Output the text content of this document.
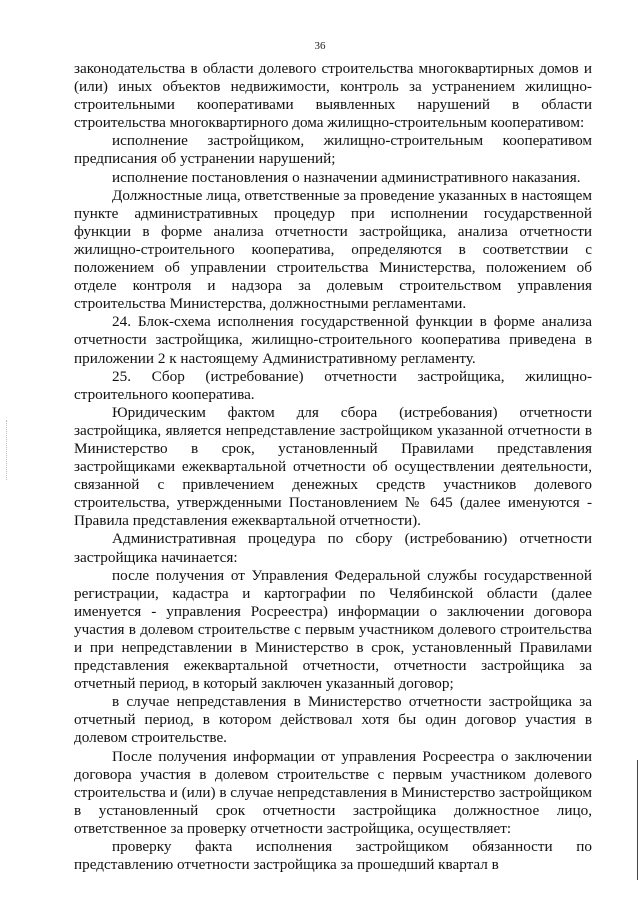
36

законодательства в области долевого строительства многоквартирных домов и (или) иных объектов недвижимости, контроль за устранением жилищно-строительными кооперативами выявленных нарушений в области строительства многоквартирного дома жилищно-строительным кооперативом:

исполнение застройщиком, жилищно-строительным кооперативом предписания об устранении нарушений;

исполнение постановления о назначении административного наказания.

Должностные лица, ответственные за проведение указанных в настоящем пункте административных процедур при исполнении государственной функции в форме анализа отчетности застройщика, анализа отчетности жилищно-строительного кооператива, определяются в соответствии с положением об управлении строительства Министерства, положением об отделе контроля и надзора за долевым строительством управления строительства Министерства, должностными регламентами.

24. Блок-схема исполнения государственной функции в форме анализа отчетности застройщика, жилищно-строительного кооператива приведена в приложении 2 к настоящему Административному регламенту.

25. Сбор (истребование) отчетности застройщика, жилищно-строительного кооператива.

Юридическим фактом для сбора (истребования) отчетности застройщика, является непредставление застройщиком указанной отчетности в Министерство в срок, установленный Правилами представления застройщиками ежеквартальной отчетности об осуществлении деятельности, связанной с привлечением денежных средств участников долевого строительства, утвержденными Постановлением № 645 (далее именуются - Правила представления ежеквартальной отчетности).

Административная процедура по сбору (истребованию) отчетности застройщика начинается:

после получения от Управления Федеральной службы государственной регистрации, кадастра и картографии по Челябинской области (далее именуется - управления Росреестра) информации о заключении договора участия в долевом строительстве с первым участником долевого строительства и при непредставлении в Министерство в срок, установленный Правилами представления ежеквартальной отчетности, отчетности застройщика за отчетный период, в который заключен указанный договор;

в случае непредставления в Министерство отчетности застройщика за отчетный период, в котором действовал хотя бы один договор участия в долевом строительстве.

После получения информации от управления Росреестра о заключении договора участия в долевом строительстве с первым участником долевого строительства и (или) в случае непредставления в Министерство застройщиком в установленный срок отчетности застройщика должностное лицо, ответственное за проверку отчетности застройщика, осуществляет:

проверку факта исполнения застройщиком обязанности по представлению отчетности застройщика за прошедший квартал в
